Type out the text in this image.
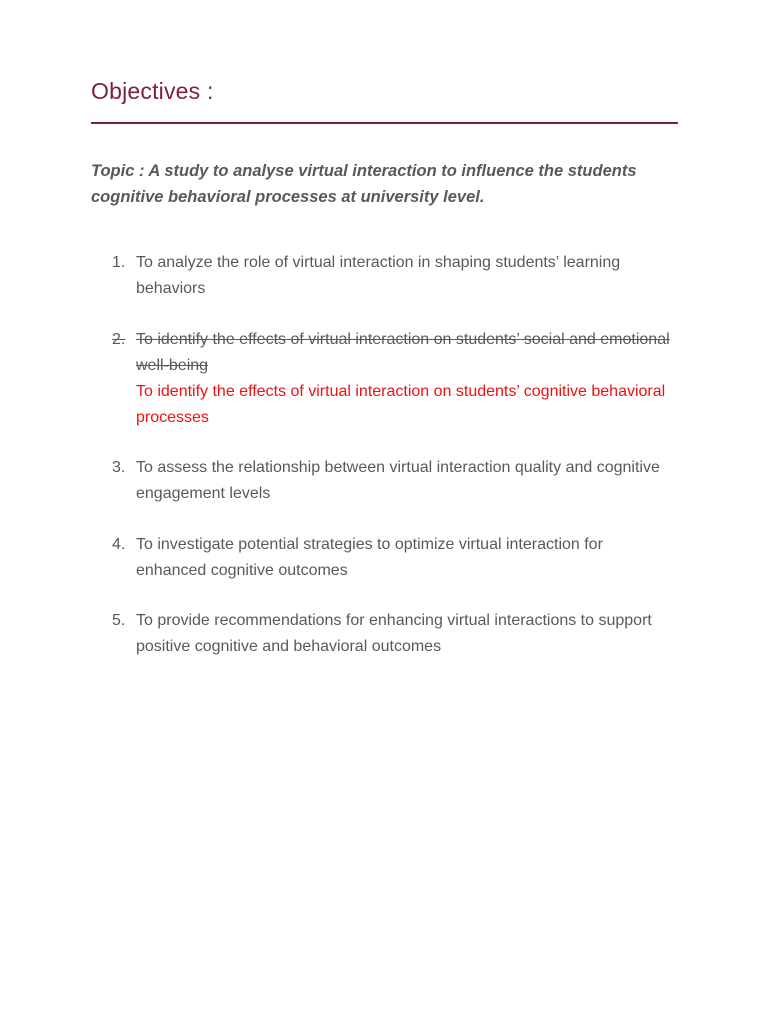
Objectives :
Topic : A study to analyse virtual interaction to influence the students cognitive behavioral processes at university level.
1. To analyze the role of virtual interaction in shaping students’ learning behaviors
2. To identify the effects of virtual interaction on students’ social and emotional well-being
To identify the effects of virtual interaction on students’ cognitive behavioral processes
3. To assess the relationship between virtual interaction quality and cognitive engagement levels
4. To investigate potential strategies to optimize virtual interaction for enhanced cognitive outcomes
5. To provide recommendations for enhancing virtual interactions to support positive cognitive and behavioral outcomes
